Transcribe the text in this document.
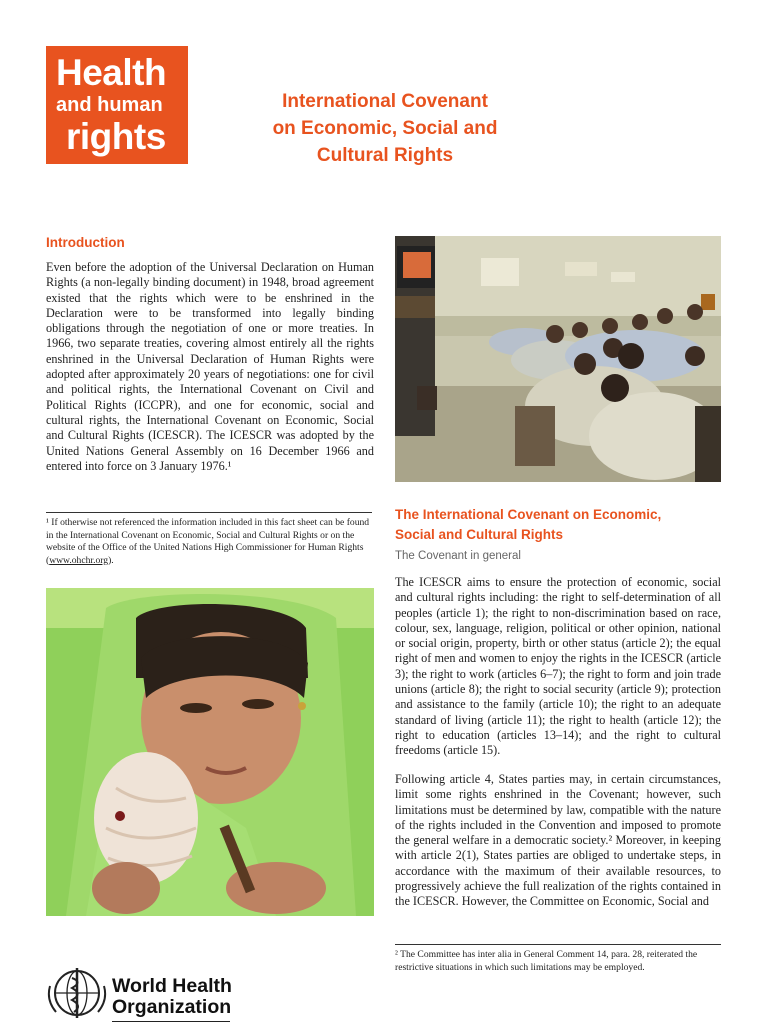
Health
and human
rights
International Covenant
on Economic, Social and
Cultural Rights
Introduction
Even before the adoption of the Universal Declaration on Human Rights (a non-legally binding document) in 1948, broad agreement existed that the rights which were to be enshrined in the Declaration were to be transformed into legally binding obligations through the negotiation of one or more treaties. In 1966, two separate treaties, covering almost entirely all the rights enshrined in the Universal Declaration of Human Rights were adopted after approximately 20 years of negotiations: one for civil and political rights, the International Covenant on Civil and Political Rights (ICCPR), and one for economic, social and cultural rights, the International Covenant on Economic, Social and Cultural Rights (ICESCR). The ICESCR was adopted by the United Nations General Assembly on 16 December 1966 and entered into force on 3 January 1976.¹
¹ If otherwise not referenced the information included in this fact sheet can be found in the International Covenant on Economic, Social and Cultural Rights or on the website of the Office of the United Nations High Commissioner for Human Rights (www.ohchr.org).
The International Covenant on Economic,
Social and Cultural Rights
The Covenant in general
The ICESCR aims to ensure the protection of economic, social and cultural rights including: the right to self-determination of all peoples (article 1); the right to non-discrimination based on race, colour, sex, language, religion, political or other opinion, national or social origin, property, birth or other status (article 2); the equal right of men and women to enjoy the rights in the ICESCR (article 3); the right to work (articles 6–7); the right to form and join trade unions (article 8); the right to social security (article 9); protection and assistance to the family (article 10); the right to an adequate standard of living (article 11); the right to health (article 12); the right to education (articles 13–14); and the right to cultural freedoms (article 15).
Following article 4, States parties may, in certain circumstances, limit some rights enshrined in the Covenant; however, such limitations must be determined by law, compatible with the nature of the rights included in the Convention and imposed to promote the general welfare in a democratic society.² Moreover, in keeping with article 2(1), States parties are obliged to undertake steps, in accordance with the maximum of their available resources, to progressively achieve the full realization of the rights contained in the ICESCR. However, the Committee on Economic, Social and
² The Committee has inter alia in General Comment 14, para. 28, reiterated the restrictive situations in which such limitations may be employed.
World Health
Organization
